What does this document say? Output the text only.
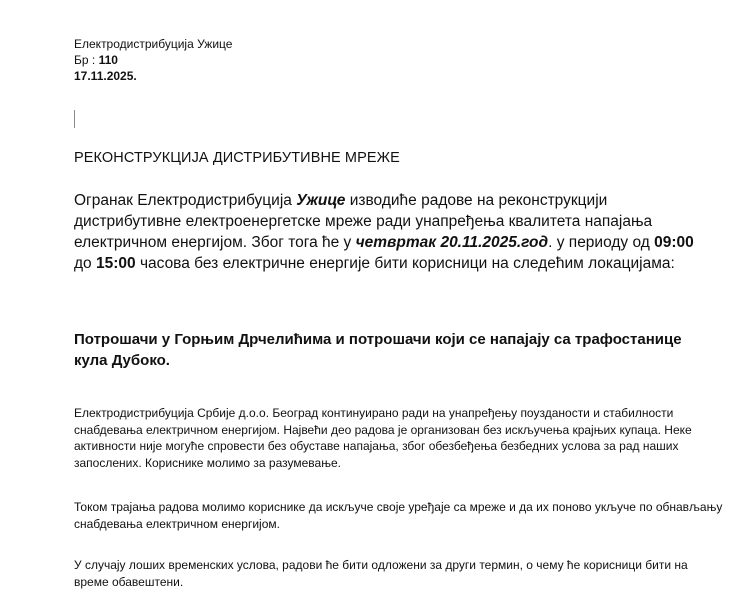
Електродистрибуција Ужице
Бр : 110
17.11.2025.
РЕКОНСТРУКЦИЈА ДИСТРИБУТИВНЕ МРЕЖЕ
Огранак Електродистрибуција Ужице изводиће радове на реконструкцији дистрибутивне електроенергетске мреже ради унапређења квалитета напајања електричном енергијом. Због тога ће у четвртак 20.11.2025.год. у периоду од 09:00 до 15:00 часова без електричне енергије бити корисници на следећим локацијама:
Потрошачи у Горњим Дрчелићима и потрошачи који се напајају са трафостанице кула Дубоко.
Електродистрибуција Србије д.о.о. Београд континуирано ради на унапређењу поузданости и стабилности снабдевања електричном енергијом. Највећи део радова је организован без искључења крајњих купаца. Неке активности није могуће спровести без обуставе напајања, због обезбеђења безбедних услова за рад наших запослених. Кориснике молимо за разумевање.
Током трајања радова молимо кориснике да искључе своје уређаје са мреже и да их поново укључе по обнављању снабдевања електричном енергијом.
У случају лоших временских услова, радови ће бити одложени за други термин, о чему ће корисници бити на време обавештени.
